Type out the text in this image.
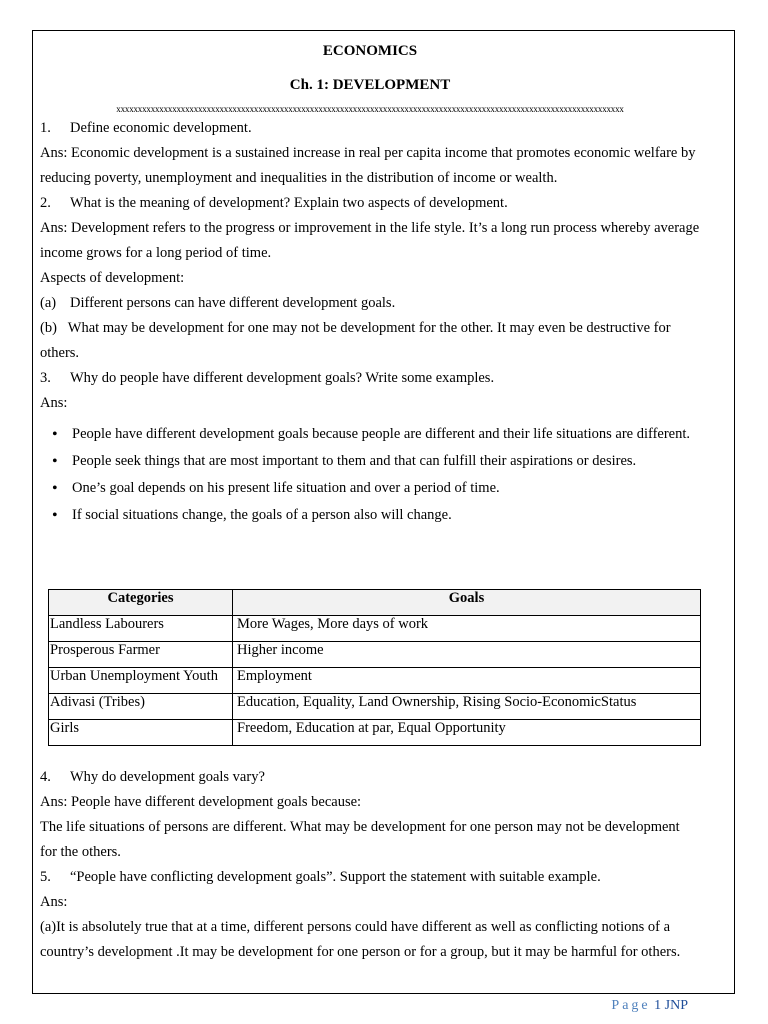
ECONOMICS
Ch. 1: DEVELOPMENT
xxxxxxxxxxxxxxxxxxxxxxxxxxxxxxxxxxxxxxxxxxxxxxxxxxxxxxxxxxxxxxxxxxxxxxxxxxxxxxxxxxxxxxxxxxxxxxxxxxxxxxxxxxxxxxxxxxxxxx

1.	Define economic development.

Ans: Economic development is a sustained increase in real per capita income that promotes economic welfare by reducing poverty, unemployment and inequalities in the distribution of income or wealth.

2.	What is the meaning of development? Explain two aspects of development.

Ans: Development refers to the progress or improvement in the life style. It’s a long run process whereby average income grows for a long period of time.

Aspects of development:

(a) Different persons can have different development goals.

(b) What may be development for one may not be development for the other. It may even be destructive for others.

3.	Why do people have different development goals? Write some examples.

Ans:

• People have different development goals because people are different and their life situations are different.
• People seek things that are most important to them and that can fulfill their aspirations or desires.
• One’s goal depends on his present life situation and over a period of time.
• If social situations change, the goals of a person also will change.
Categories	Goals
Landless Labourers	More Wages, More days of work
Prosperous Farmer	Higher income
Urban Unemployment Youth	Employment
Adivasi (Tribes)	Education, Equality, Land Ownership, Rising Socio-EconomicStatus
Girls	Freedom, Education at par, Equal Opportunity

4.	Why do development goals vary?

Ans: People have different development goals because:

The life situations of persons are different. What may be development for one person may not be development for the others.

5.	“People have conflicting development goals”. Support the statement with suitable example.

Ans:

(a)It is absolutely true that at a time, different persons could have different as well as conflicting notions of a country’s development .It may be development for one person or for a group, but it may be harmful for others.

Page 1 JNP
